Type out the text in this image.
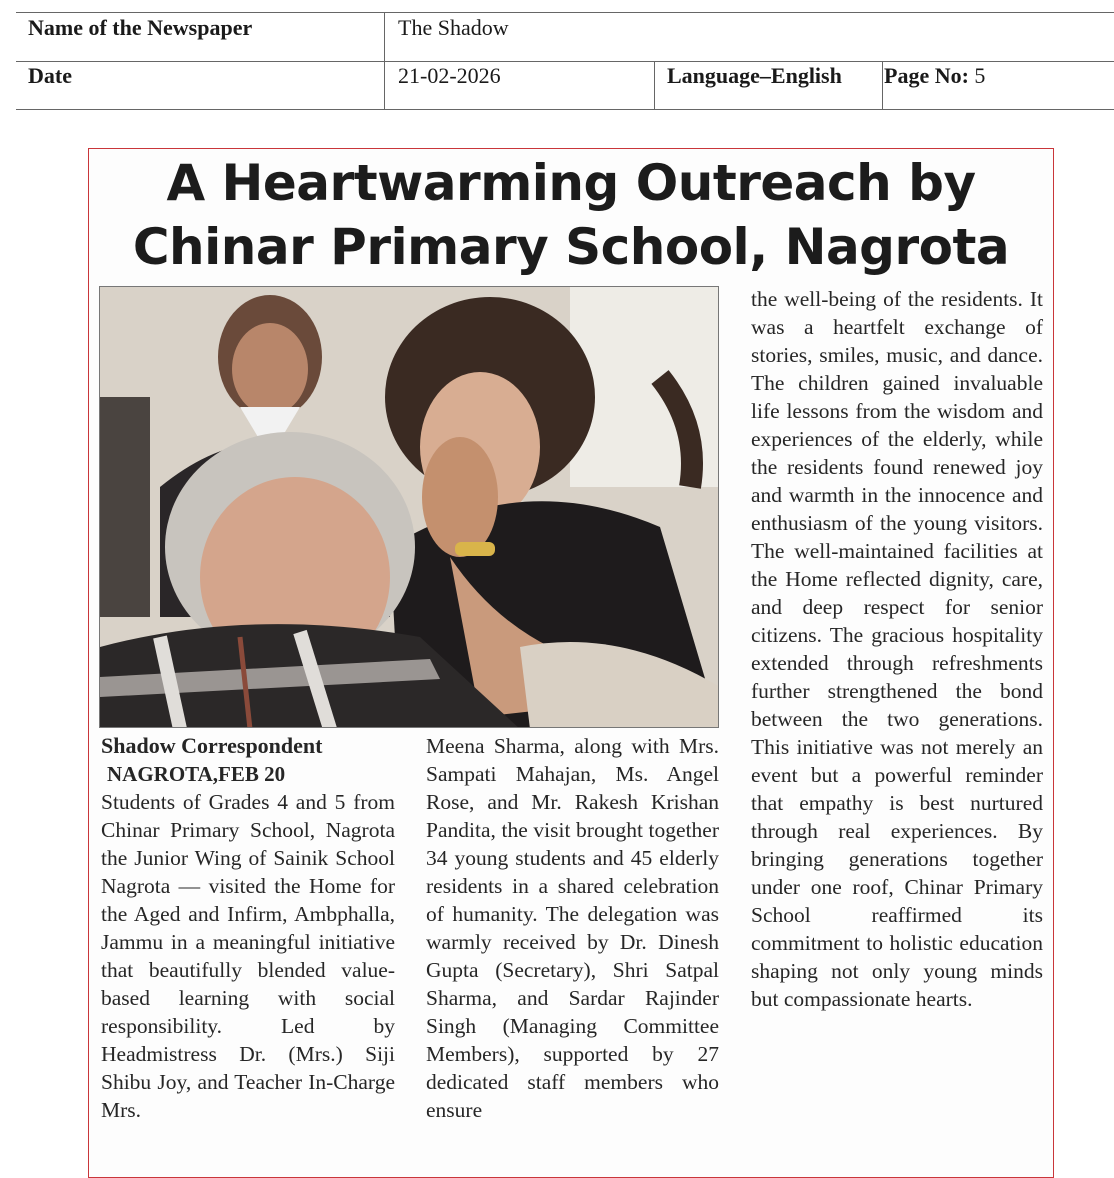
Name of the Newspaper	The Shadow
Date	21-02-2026	Language–English	Page No: 5
A Heartwarming Outreach by
Chinar Primary School, Nagrota
Shadow Correspondent
NAGROTA,FEB 20

Students of Grades 4 and 5 from Chinar Primary School, Nagrota the Junior Wing of Sainik School Nagrota — visited the Home for the Aged and Infirm, Ambphalla, Jammu in a meaningful initiative that beautifully blended value-based learning with social responsibility. Led by Headmistress Dr. (Mrs.) Siji Shibu Joy, and Teacher In-Charge Mrs.

Meena Sharma, along with Mrs. Sampati Mahajan, Ms. Angel Rose, and Mr. Rakesh Krishan Pandita, the visit brought together 34 young students and 45 elderly residents in a shared celebration of humanity. The delegation was warmly received by Dr. Dinesh Gupta (Secretary), Shri Satpal Sharma, and Sardar Rajinder Singh (Managing Committee Members), supported by 27 dedicated staff members who ensure

the well-being of the residents. It was a heartfelt exchange of stories, smiles, music, and dance. The children gained invaluable life lessons from the wisdom and experiences of the elderly, while the residents found renewed joy and warmth in the innocence and enthusiasm of the young visitors. The well-maintained facilities at the Home reflected dignity, care, and deep respect for senior citizens. The gracious hospitality extended through refreshments further strengthened the bond between the two generations. This initiative was not merely an event but a powerful reminder that empathy is best nurtured through real experiences. By bringing generations together under one roof, Chinar Primary School reaffirmed its commitment to holistic education shaping not only young minds but compassionate hearts.
